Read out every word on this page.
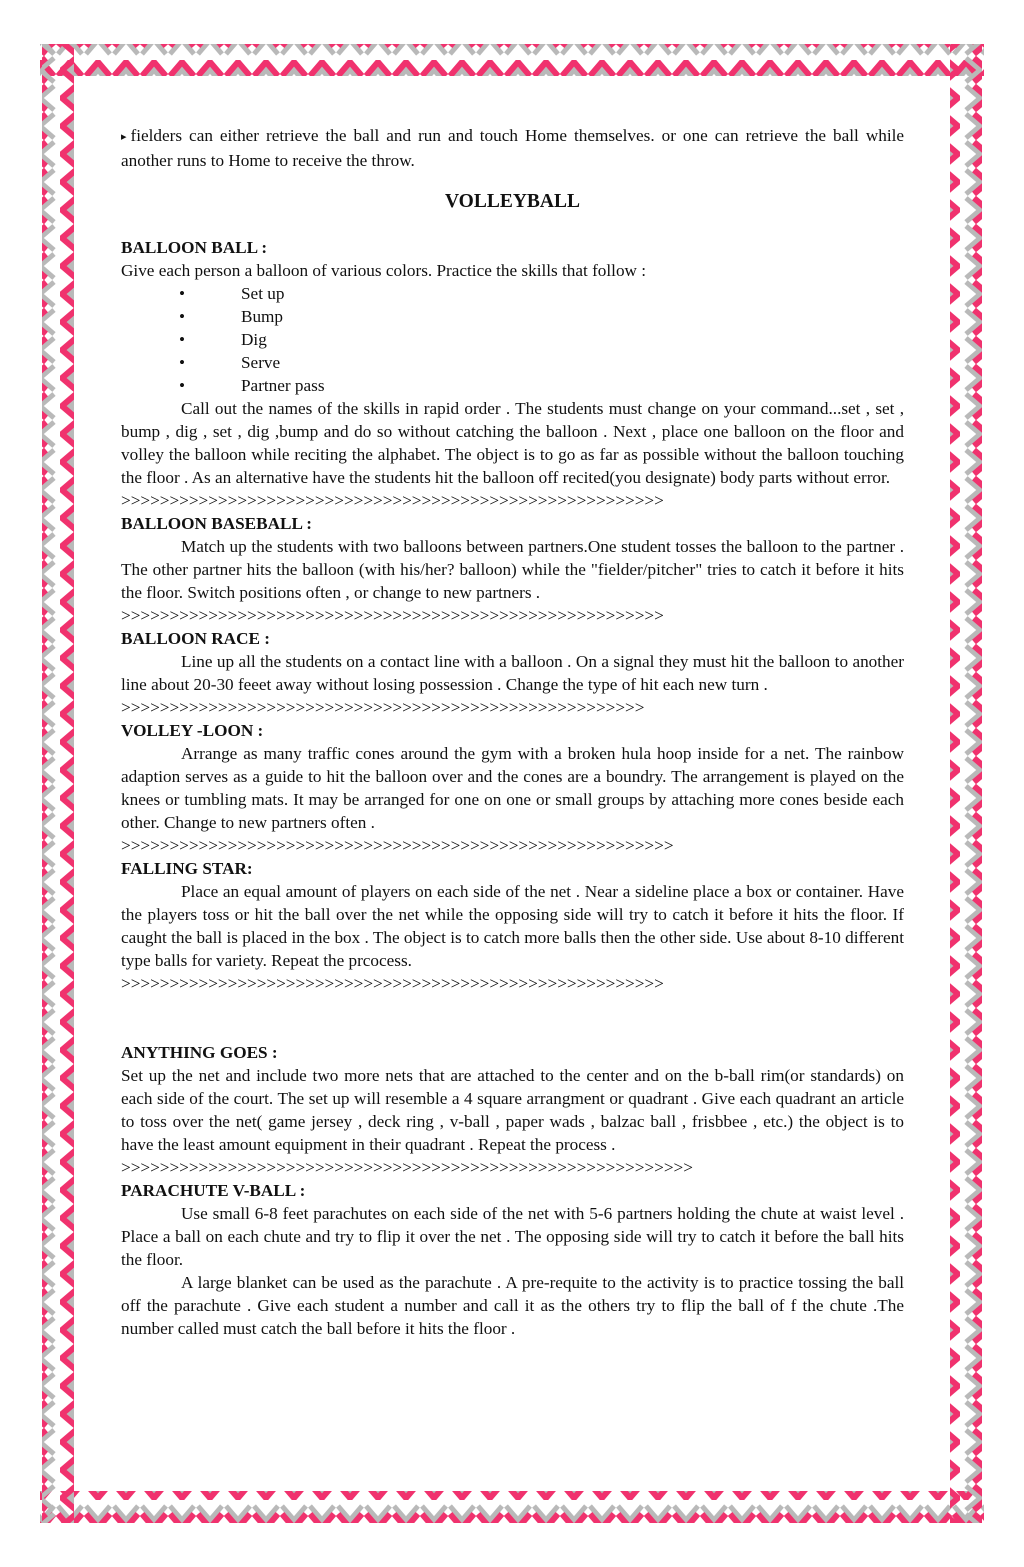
▸ fielders can either retrieve the ball and run and touch Home themselves. or one can retrieve the ball while another runs to Home to receive the throw.

VOLLEYBALL
BALLOON BALL :

Give each person a balloon of various colors. Practice the skills that follow :

•	Set up
•	Bump
•	Dig
•	Serve
•	Partner pass

Call out the names of the skills in rapid order . The students must change on your command...set , set , bump , dig , set , dig ,bump and do so without catching the balloon . Next , place one balloon on the floor and volley the balloon while reciting the alphabet. The object is to go as far as possible without the balloon touching the floor . As an alternative have the students hit the balloon off recited(you designate) body parts without error.

>>>>>>>>>>>>>>>>>>>>>>>>>>>>>>>>>>>>>>>>>>>>>>>>>>>>>>>>
BALLOON BASEBALL :

Match up the students with two balloons between partners.One student tosses the balloon to the partner . The other partner hits the balloon (with his/her? balloon) while the "fielder/pitcher" tries to catch it before it hits the floor. Switch positions often , or change to new partners .

>>>>>>>>>>>>>>>>>>>>>>>>>>>>>>>>>>>>>>>>>>>>>>>>>>>>>>>>
BALLOON RACE :

Line up all the students on a contact line with a balloon . On a signal they must hit the balloon to another line about 20-30 feeet away without losing possession . Change the type of hit each new turn .

>>>>>>>>>>>>>>>>>>>>>>>>>>>>>>>>>>>>>>>>>>>>>>>>>>>>>>
VOLLEY -LOON :

Arrange as many traffic cones around the gym with a broken hula hoop inside for a net. The rainbow adaption serves as a guide to hit the balloon over and the cones are a boundry. The arrangement is played on the knees or tumbling mats. It may be arranged for one on one or small groups by attaching more cones beside each other. Change to new partners often .

>>>>>>>>>>>>>>>>>>>>>>>>>>>>>>>>>>>>>>>>>>>>>>>>>>>>>>>>>
FALLING STAR:

Place an equal amount of players on each side of the net . Near a sideline place a box or container. Have the players toss or hit the ball over the net while the opposing side will try to catch it before it hits the floor. If caught the ball is placed in the box . The object is to catch more balls then the other side. Use about 8-10 different type balls for variety. Repeat the prcocess.

>>>>>>>>>>>>>>>>>>>>>>>>>>>>>>>>>>>>>>>>>>>>>>>>>>>>>>>>
ANYTHING GOES :

Set up the net and include two more nets that are attached to the center and on the b-ball rim(or standards) on each side of the court. The set up will resemble a 4 square arrangment or quadrant . Give each quadrant an article to toss over the net( game jersey , deck ring , v-ball , paper wads , balzac ball , frisbbee , etc.) the object is to have the least amount equipment in their quadrant . Repeat the process .

>>>>>>>>>>>>>>>>>>>>>>>>>>>>>>>>>>>>>>>>>>>>>>>>>>>>>>>>>>>
PARACHUTE V-BALL :

Use small 6-8 feet parachutes on each side of the net with 5-6 partners holding the chute at waist level . Place a ball on each chute and try to flip it over the net . The opposing side will try to catch it before the ball hits the floor.

A large blanket can be used as the parachute . A pre-requite to the activity is to practice tossing the ball off the parachute . Give each student a number and call it as the others try to flip the ball of f the chute .The number called must catch the ball before it hits the floor .
